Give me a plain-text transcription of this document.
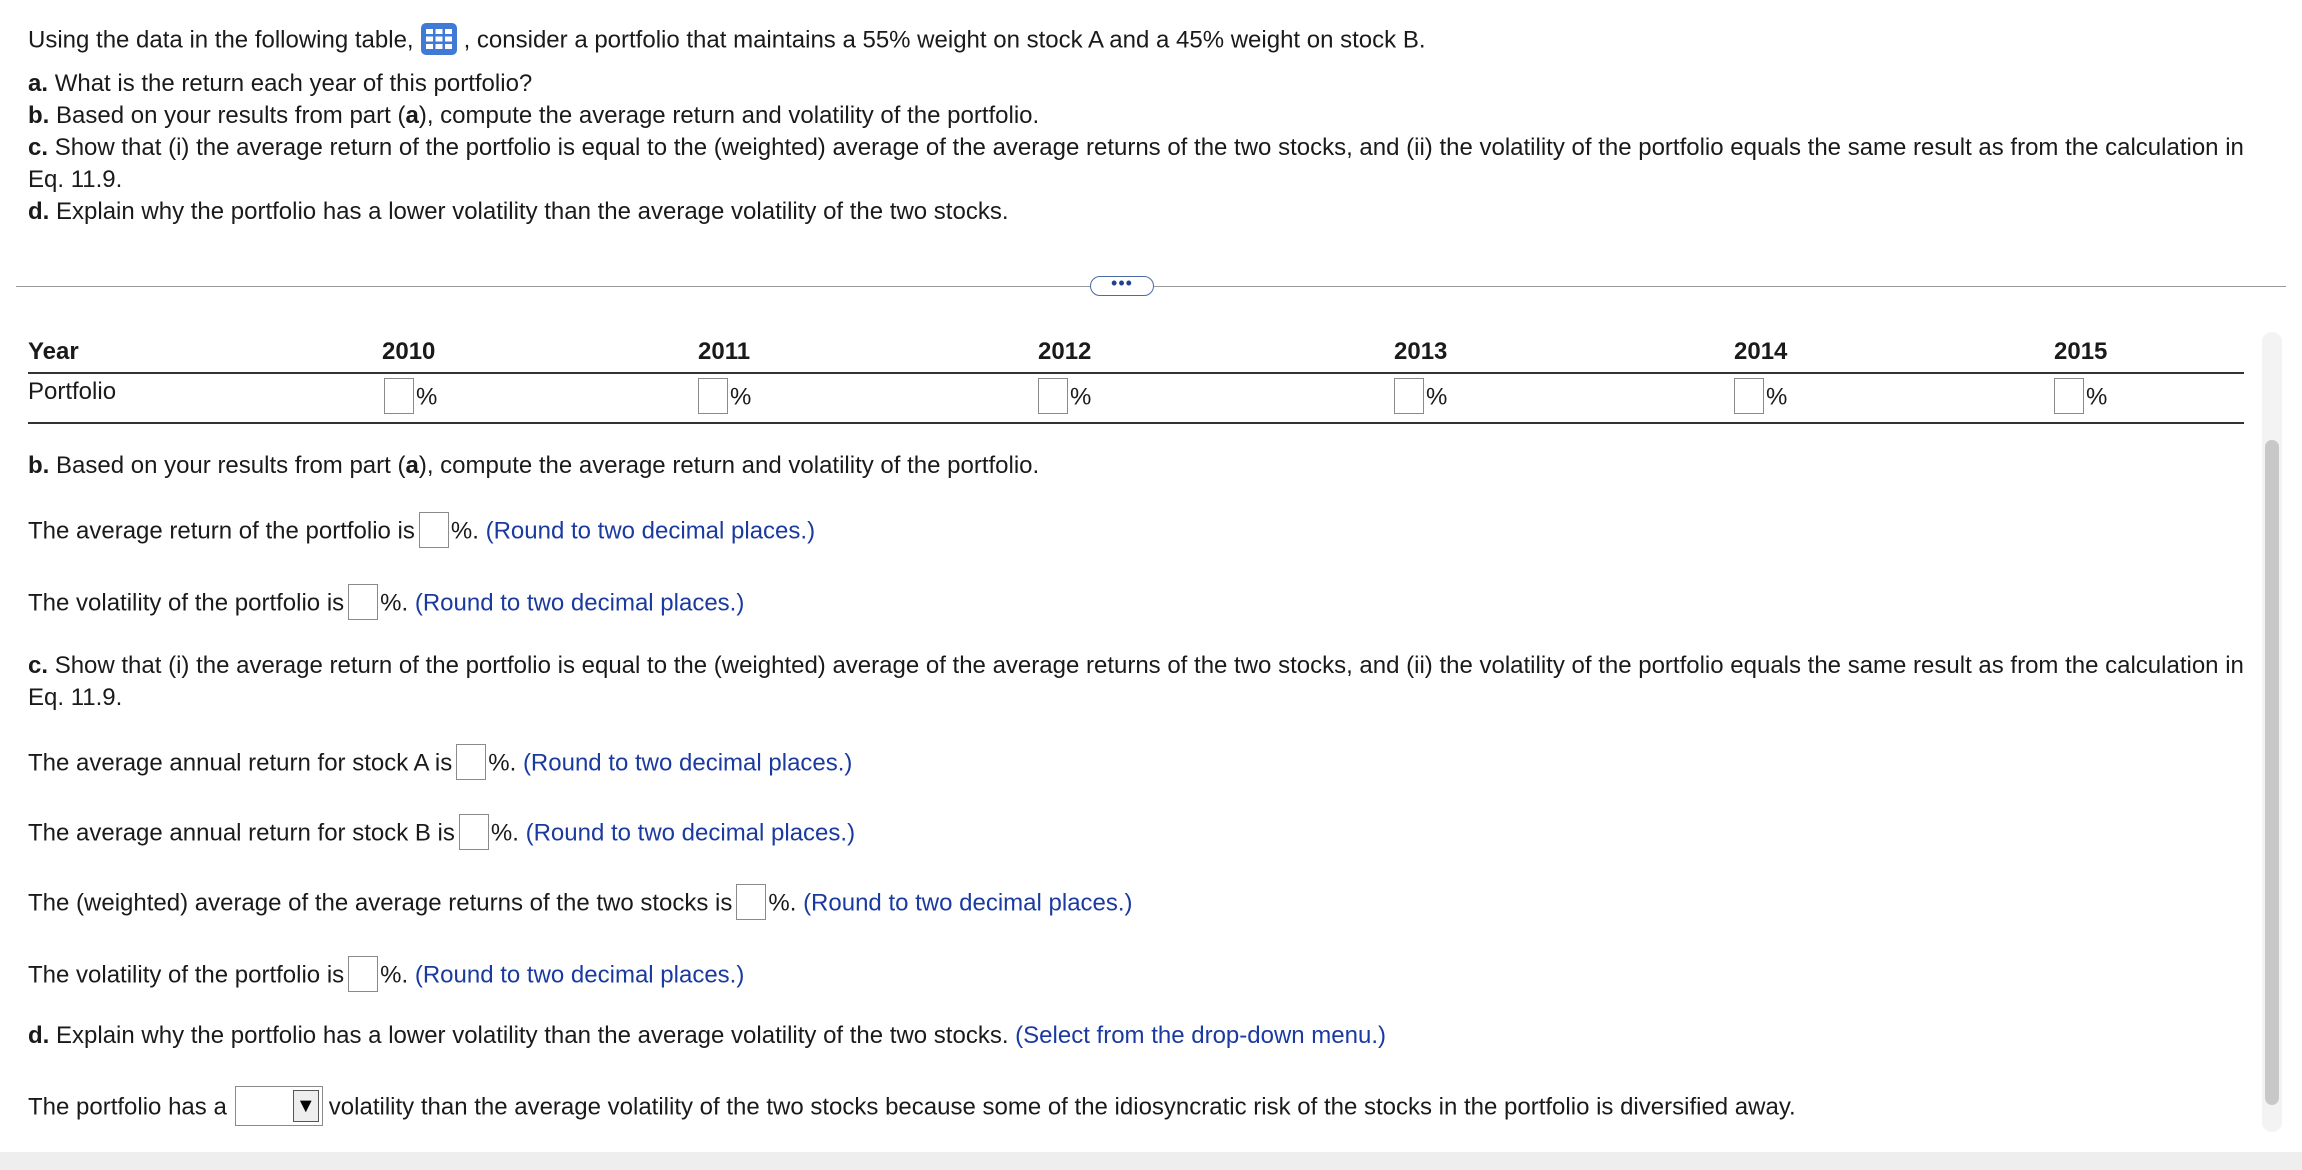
Using the data in the following table, , consider a portfolio that maintains a 55% weight on stock A and a 45% weight on stock B.
a. What is the return each year of this portfolio?
b. Based on your results from part (a), compute the average return and volatility of the portfolio.
c. Show that (i) the average return of the portfolio is equal to the (weighted) average of the average returns of the two stocks, and (ii) the volatility of the portfolio equals the same result as from the calculation in Eq. 11.9.
d. Explain why the portfolio has a lower volatility than the average volatility of the two stocks.
•••
Year	2010	2011	2012	2013	2014	2015
Portfolio	%	%	%	%	%	%
b. Based on your results from part (a), compute the average return and volatility of the portfolio.
The average return of the portfolio is %. (Round to two decimal places.)
The volatility of the portfolio is %. (Round to two decimal places.)
c. Show that (i) the average return of the portfolio is equal to the (weighted) average of the average returns of the two stocks, and (ii) the volatility of the portfolio equals the same result as from the calculation in Eq. 11.9.
The average annual return for stock A is %. (Round to two decimal places.)
The average annual return for stock B is %. (Round to two decimal places.)
The (weighted) average of the average returns of the two stocks is %. (Round to two decimal places.)
The volatility of the portfolio is %. (Round to two decimal places.)
d. Explain why the portfolio has a lower volatility than the average volatility of the two stocks. (Select from the drop-down menu.)
The portfolio has a	▼ volatility than the average volatility of the two stocks because some of the idiosyncratic risk of the stocks in the portfolio is diversified away.
